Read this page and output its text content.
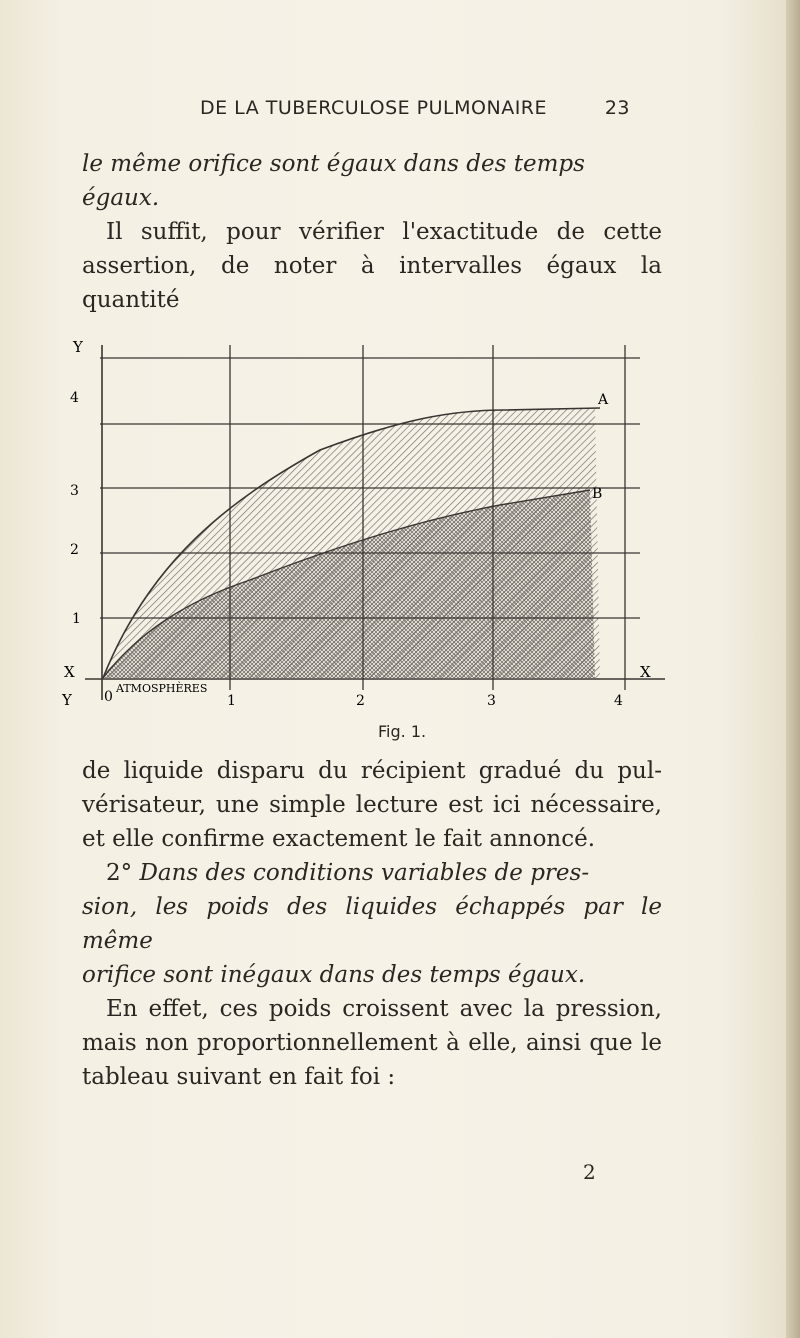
DE LA TUBERCULOSE PULMONAIRE	23
le même orifice sont égaux dans des temps
égaux.
Il suffit, pour vérifier l'exactitude de cette
assertion, de noter à intervalles égaux la quantité
Y
Y
X	X
4
3
2
1
0
ATMOSPHÈRES
1	2	3	4
A
B
Fig. 1.
de liquide disparu du récipient gradué du pul-
vérisateur, une simple lecture est ici nécessaire,
et elle confirme exactement le fait annoncé.
2° Dans des conditions variables de pres-
sion, les poids des liquides échappés par le même
orifice sont inégaux dans des temps égaux.
En effet, ces poids croissent avec la pression,
mais non proportionnellement à elle, ainsi que le
tableau suivant en fait foi :
2
